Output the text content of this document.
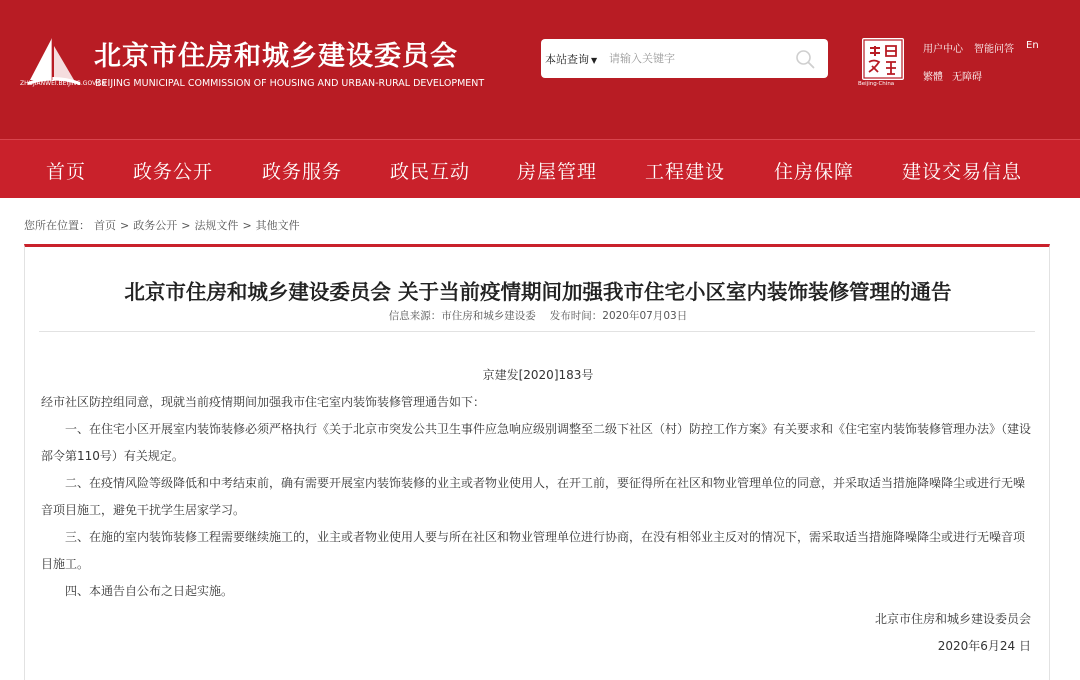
ZHUJIANWEI.BEIJING.GOV.CN
北京市住房和城乡建设委员会
BEIJING MUNICIPAL COMMISSION OF HOUSING AND URBAN-RURAL DEVELOPMENT
本站查询 ▼
请输入关键字
Beijing·China
用户中心 智能问答 En
繁體 无障碍
首页 政务公开	政务服务	政民互动 房屋管理	工程建设	住房保障	建设交易信息
您所在位置： 首页 > 政务公开 > 法规文件 > 其他文件
北京市住房和城乡建设委员会 关于当前疫情期间加强我市住宅小区室内装饰装修管理的通告
信息来源：市住房和城乡建设委 发布时间：2020年07月03日
京建发[2020]183号
经市社区防控组同意，现就当前疫情期间加强我市住宅室内装饰装修管理通告如下：
一、在住宅小区开展室内装饰装修必须严格执行《关于北京市突发公共卫生事件应急响应级别调整至二级下社区（村）防控工作方案》有关要求和《住宅室内装饰装修管理办法》（建设部令第110号）有关规定。
二、在疫情风险等级降低和中考结束前，确有需要开展室内装饰装修的业主或者物业使用人，在开工前，要征得所在社区和物业管理单位的同意，并采取适当措施降噪降尘或进行无噪音项目施工，避免干扰学生居家学习。
三、在施的室内装饰装修工程需要继续施工的，业主或者物业使用人要与所在社区和物业管理单位进行协商，在没有相邻业主反对的情况下，需采取适当措施降噪降尘或进行无噪音项目施工。
四、本通告自公布之日起实施。
北京市住房和城乡建设委员会
2020年6月24 日
